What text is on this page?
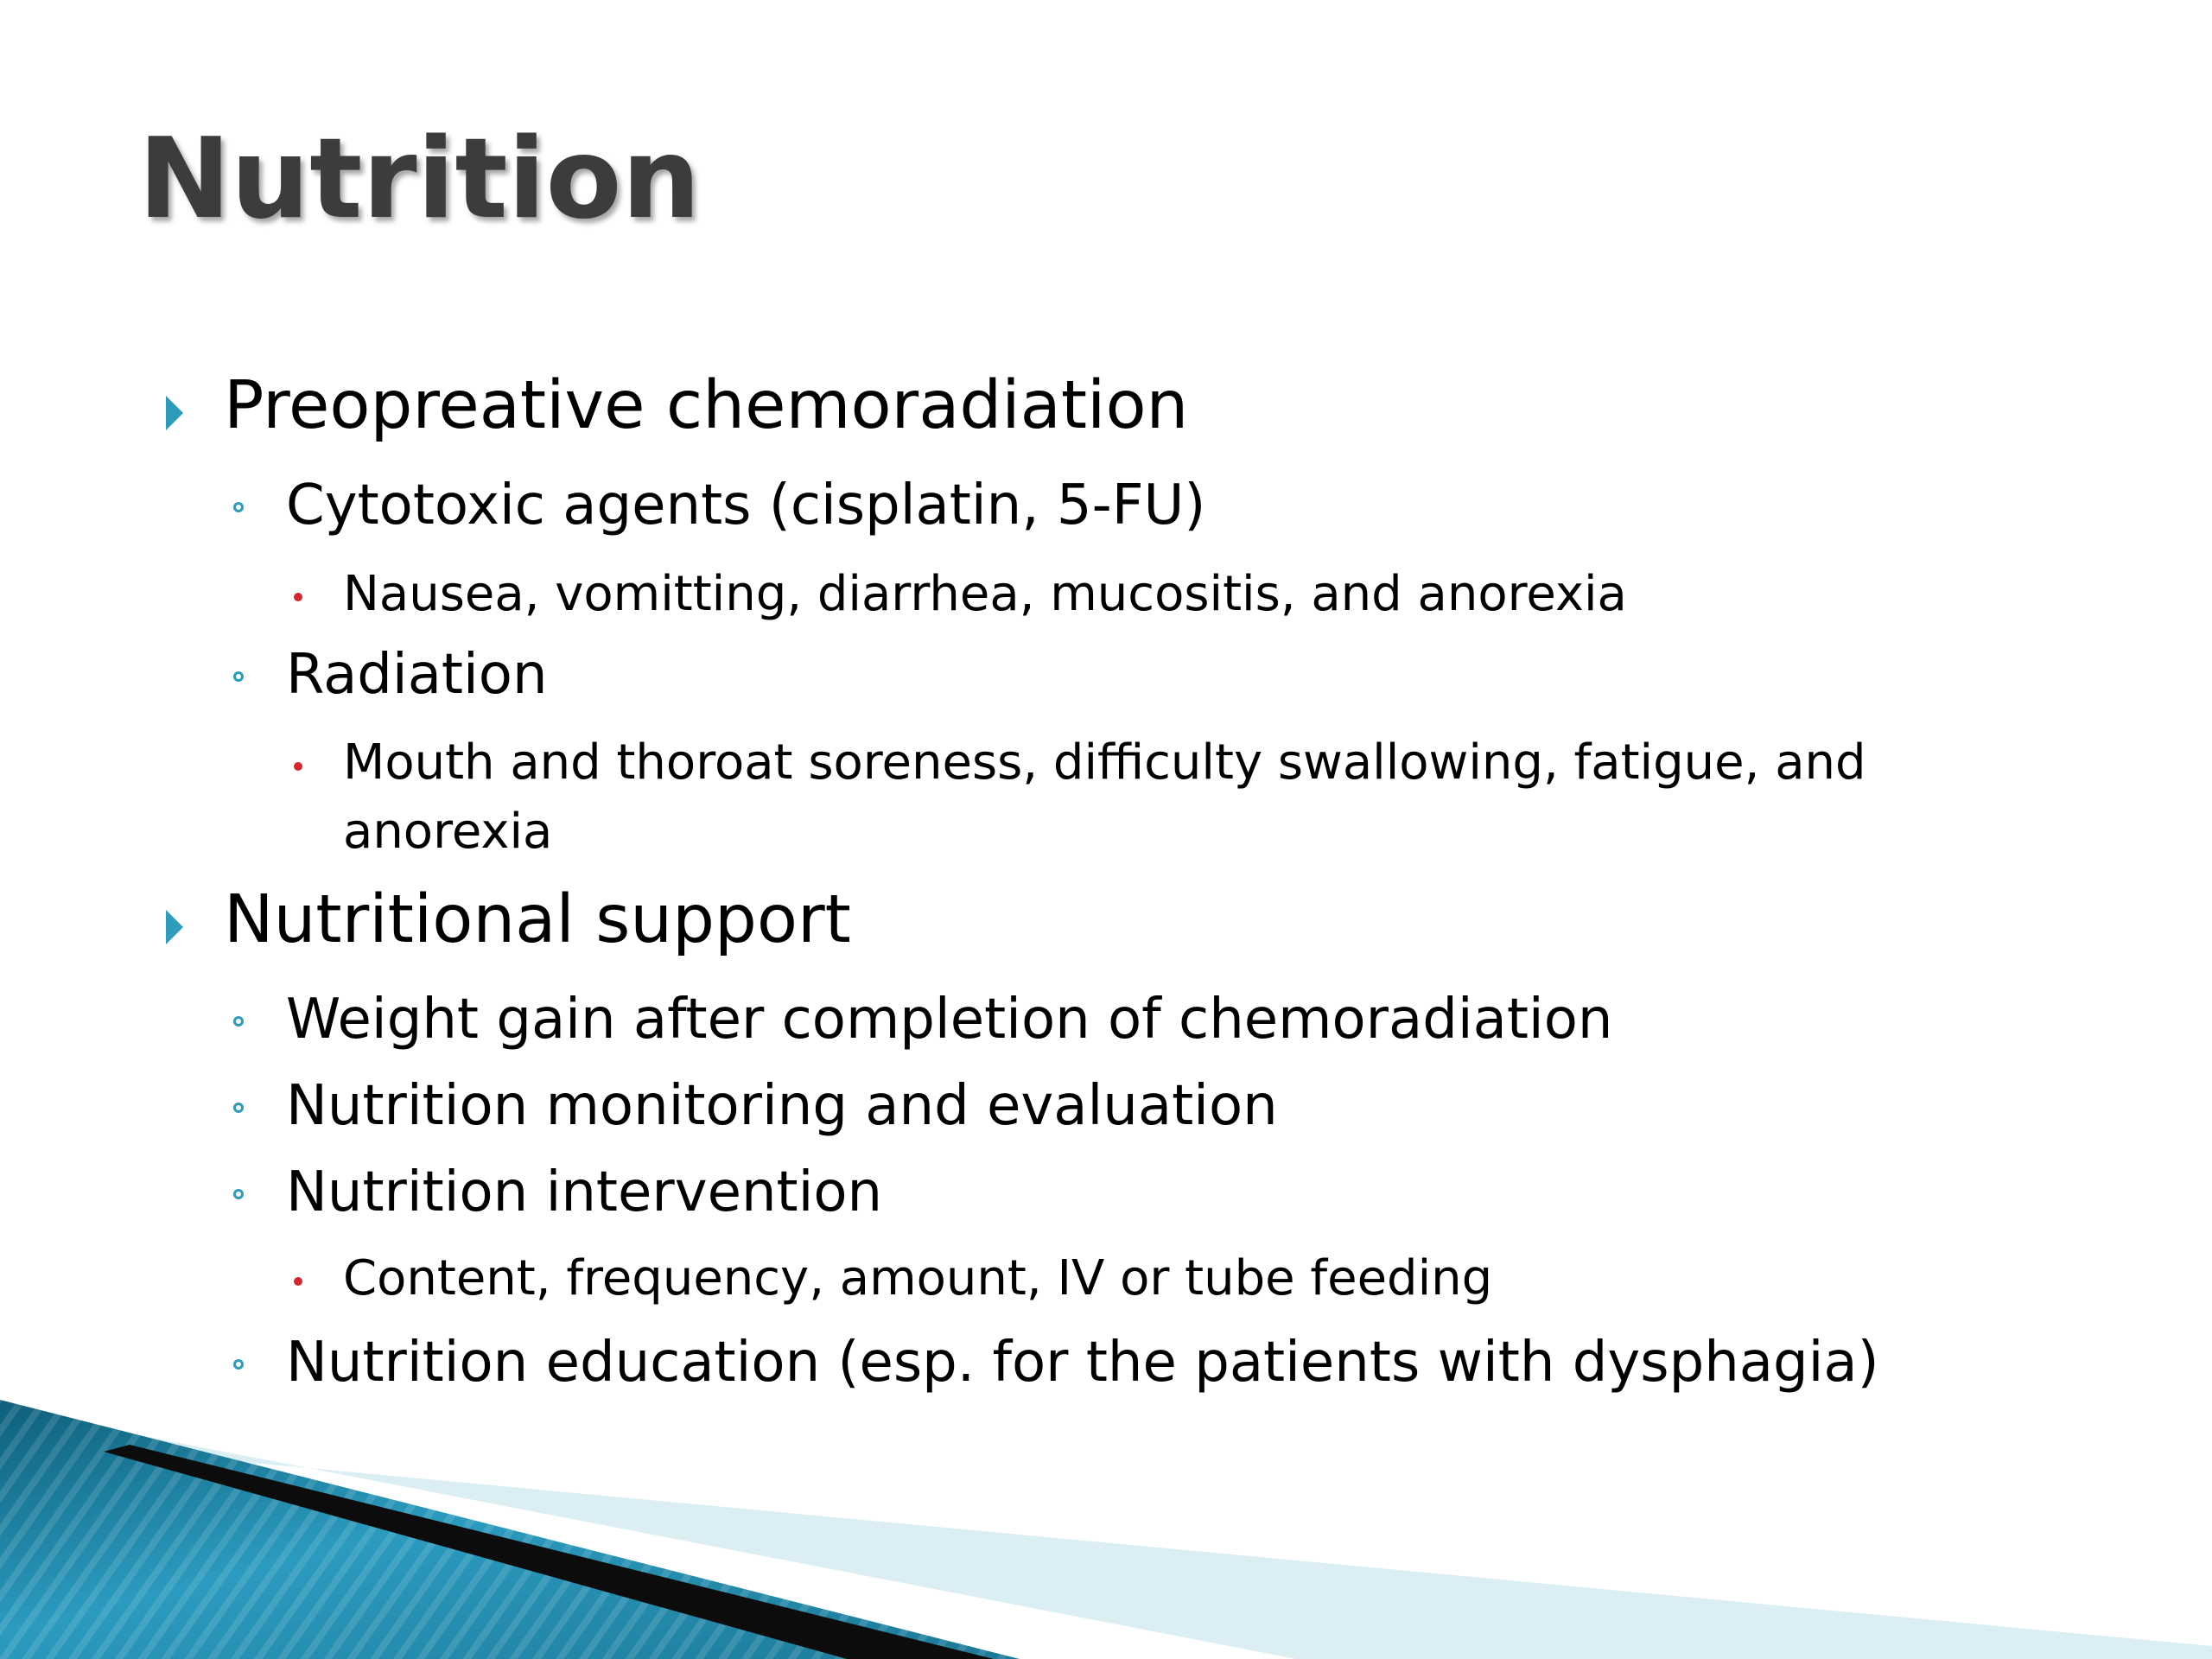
Nutrition
Preopreative chemoradiation
Cytotoxic agents (cisplatin, 5-FU)
Nausea, vomitting, diarrhea, mucositis, and anorexia
Radiation
Mouth and thoroat soreness, difficulty swallowing, fatigue, and anorexia
Nutritional support
Weight gain after completion of chemoradiation
Nutrition monitoring and evaluation
Nutrition intervention
Content, frequency, amount, IV or tube feeding
Nutrition education (esp. for the patients with dysphagia)
